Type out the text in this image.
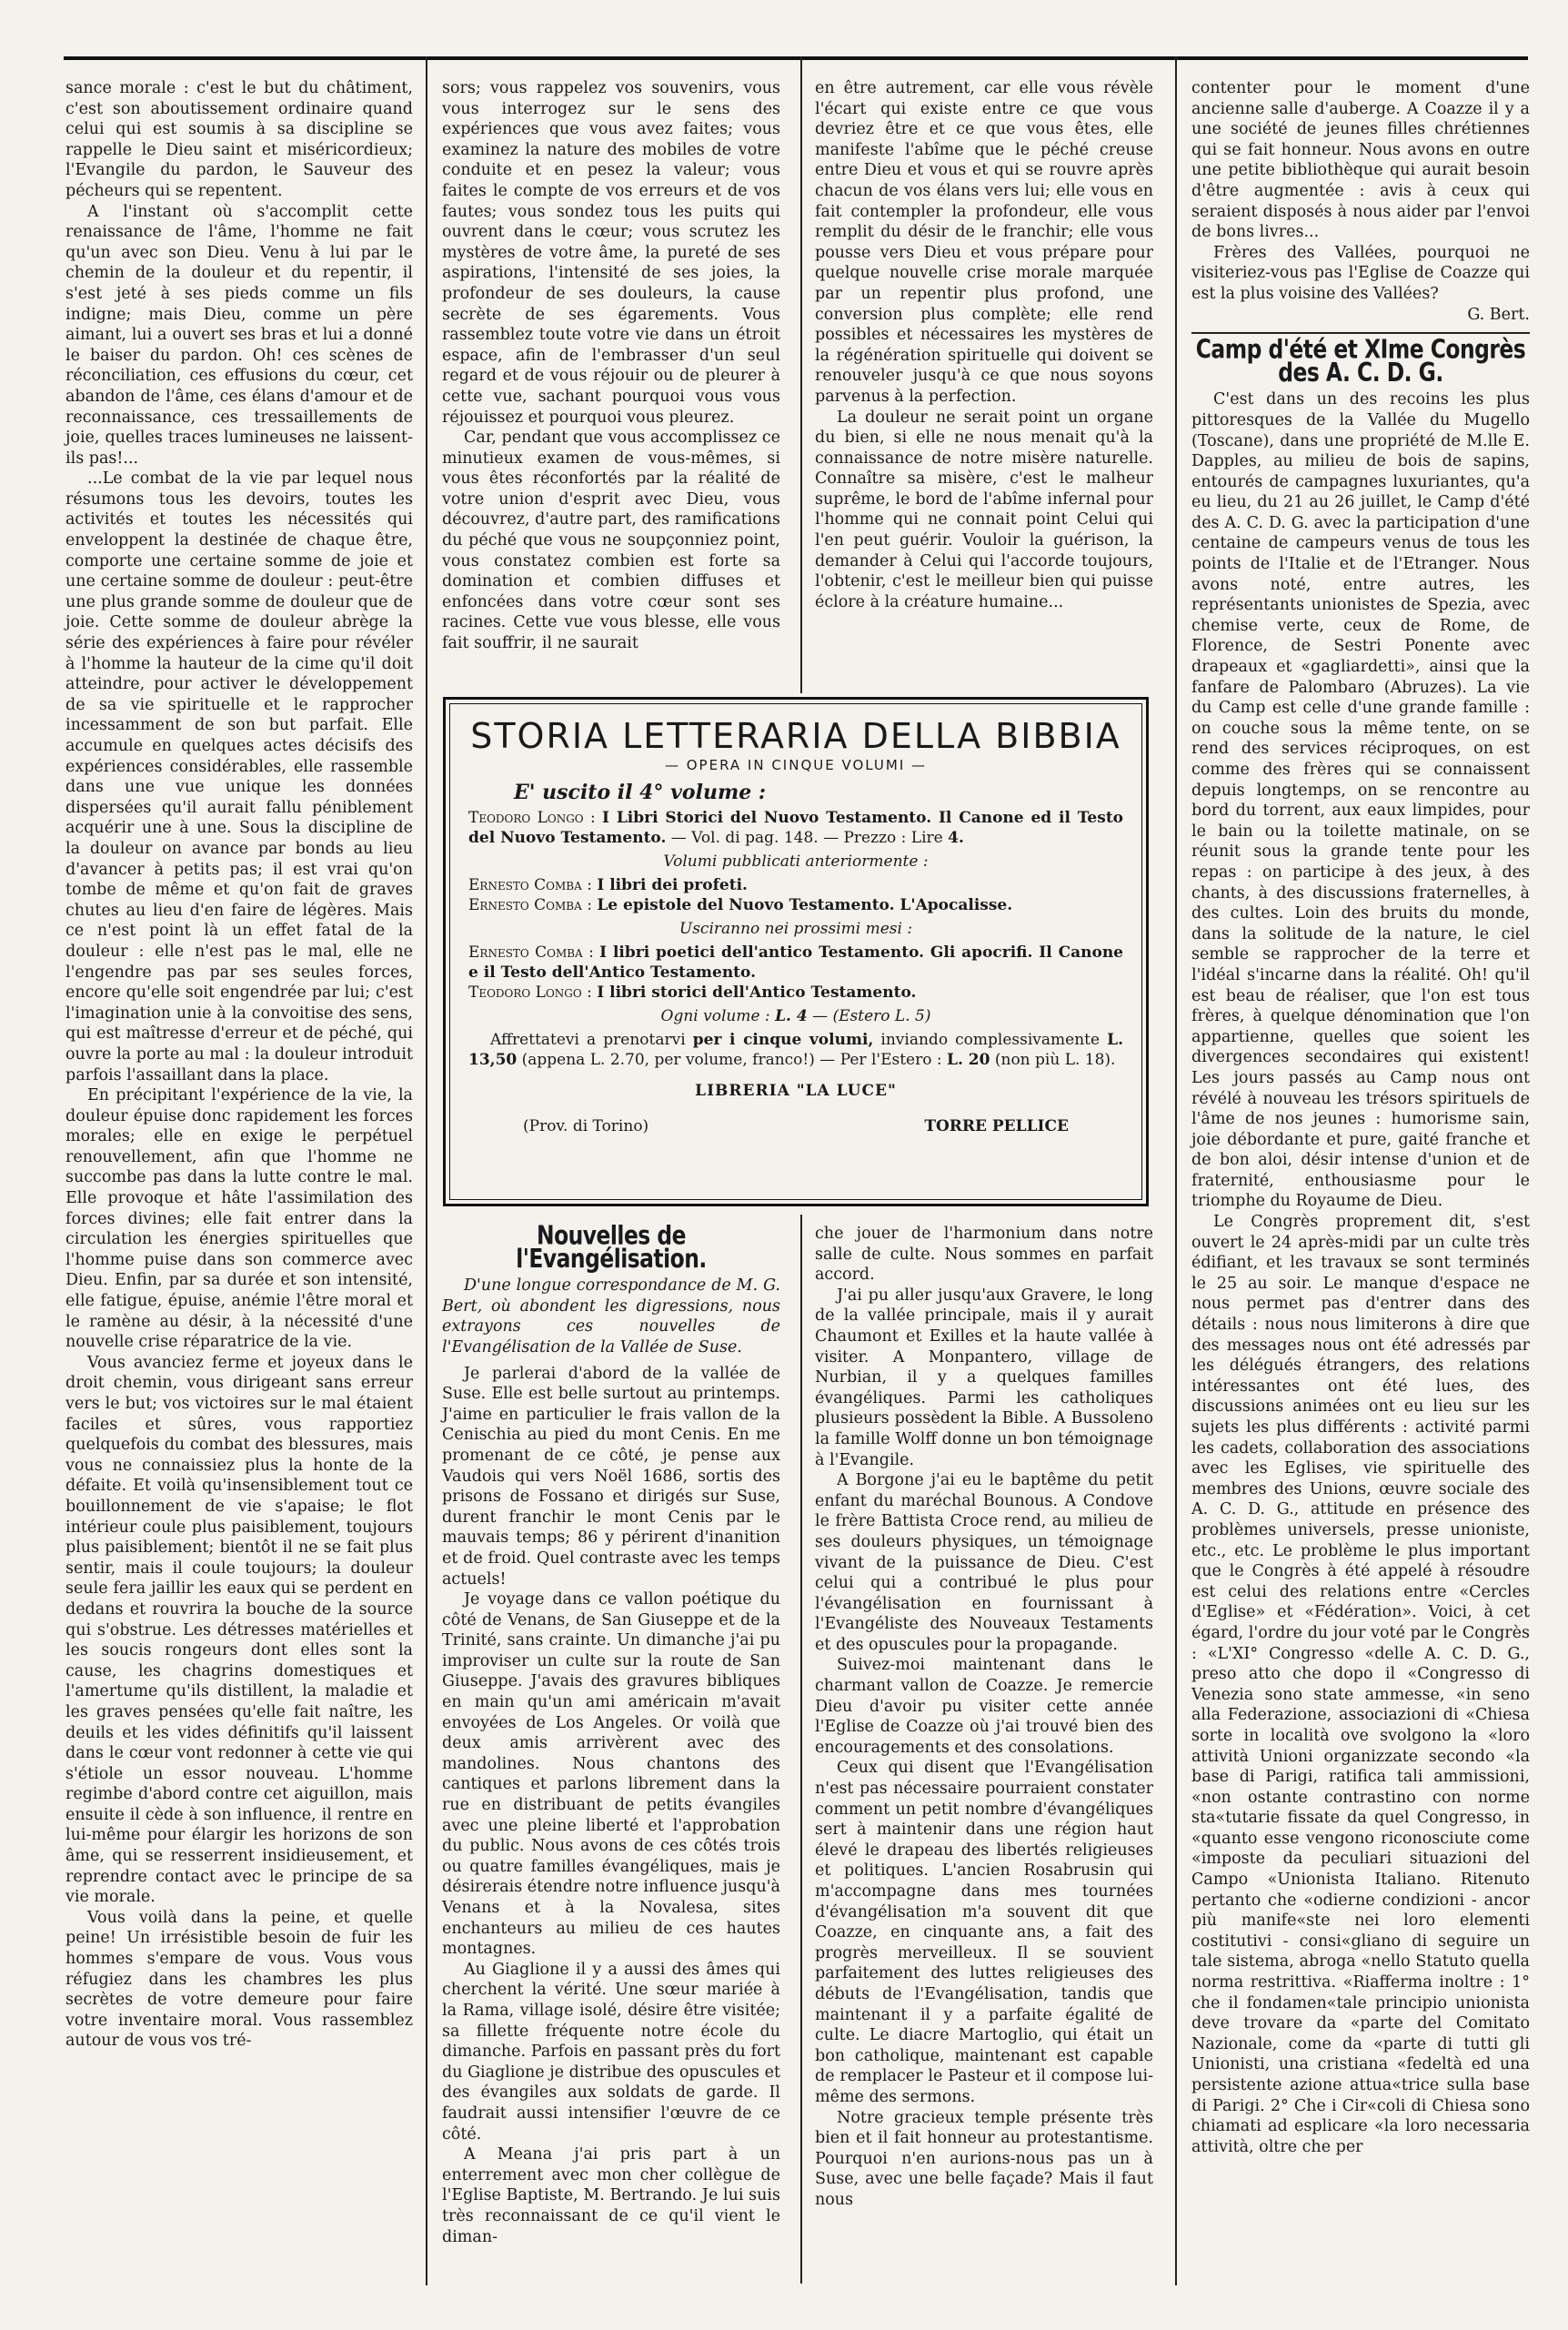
sance morale : c'est le but du châtiment, c'est son aboutissement ordinaire quand celui qui est soumis à sa discipline se rappelle le Dieu saint et miséricordieux; l'Evangile du pardon, le Sauveur des pécheurs qui se repentent.

A l'instant où s'accomplit cette renaissance de l'âme, l'homme ne fait qu'un avec son Dieu. Venu à lui par le chemin de la douleur et du repentir, il s'est jeté à ses pieds comme un fils indigne; mais Dieu, comme un père aimant, lui a ouvert ses bras et lui a donné le baiser du pardon. Oh! ces scènes de réconciliation, ces effusions du cœur, cet abandon de l'âme, ces élans d'amour et de reconnaissance, ces tressaillements de joie, quelles traces lumineuses ne laissent-ils pas!...

...Le combat de la vie par lequel nous résumons tous les devoirs, toutes les activités et toutes les nécessités qui enveloppent la destinée de chaque être, comporte une certaine somme de joie et une certaine somme de douleur : peut-être une plus grande somme de douleur que de joie. Cette somme de douleur abrège la série des expériences à faire pour révéler à l'homme la hauteur de la cime qu'il doit atteindre, pour activer le développement de sa vie spirituelle et le rapprocher incessamment de son but parfait. Elle accumule en quelques actes décisifs des expériences considérables, elle rassemble dans une vue unique les données dispersées qu'il aurait fallu péniblement acquérir une à une. Sous la discipline de la douleur on avance par bonds au lieu d'avancer à petits pas; il est vrai qu'on tombe de même et qu'on fait de graves chutes au lieu d'en faire de légères. Mais ce n'est point là un effet fatal de la douleur : elle n'est pas le mal, elle ne l'engendre pas par ses seules forces, encore qu'elle soit engendrée par lui; c'est l'imagination unie à la convoitise des sens, qui est maîtresse d'erreur et de péché, qui ouvre la porte au mal : la douleur introduit parfois l'assaillant dans la place.

En précipitant l'expérience de la vie, la douleur épuise donc rapidement les forces morales; elle en exige le perpétuel renouvellement, afin que l'homme ne succombe pas dans la lutte contre le mal. Elle provoque et hâte l'assimilation des forces divines; elle fait entrer dans la circulation les énergies spirituelles que l'homme puise dans son commerce avec Dieu. Enfin, par sa durée et son intensité, elle fatigue, épuise, anémie l'être moral et le ramène au désir, à la nécessité d'une nouvelle crise réparatrice de la vie.

Vous avanciez ferme et joyeux dans le droit chemin, vous dirigeant sans erreur vers le but; vos victoires sur le mal étaient faciles et sûres, vous rapportiez quelquefois du combat des blessures, mais vous ne connaissiez plus la honte de la défaite. Et voilà qu'insensiblement tout ce bouillonnement de vie s'apaise; le flot intérieur coule plus paisiblement, toujours plus paisiblement; bientôt il ne se fait plus sentir, mais il coule toujours; la douleur seule fera jaillir les eaux qui se perdent en dedans et rouvrira la bouche de la source qui s'obstrue. Les détresses matérielles et les soucis rongeurs dont elles sont la cause, les chagrins domestiques et l'amertume qu'ils distillent, la maladie et les graves pensées qu'elle fait naître, les deuils et les vides définitifs qu'il laissent dans le cœur vont redonner à cette vie qui s'étiole un essor nouveau. L'homme regimbe d'abord contre cet aiguillon, mais ensuite il cède à son influence, il rentre en lui-même pour élargir les horizons de son âme, qui se resserrent insidieusement, et reprendre contact avec le principe de sa vie morale.

Vous voilà dans la peine, et quelle peine! Un irrésistible besoin de fuir les hommes s'empare de vous. Vous vous réfugiez dans les chambres les plus secrètes de votre demeure pour faire votre inventaire moral. Vous rassemblez autour de vous vos tré-

sors; vous rappelez vos souvenirs, vous vous interrogez sur le sens des expériences que vous avez faites; vous examinez la nature des mobiles de votre conduite et en pesez la valeur; vous faites le compte de vos erreurs et de vos fautes; vous sondez tous les puits qui ouvrent dans le cœur; vous scrutez les mystères de votre âme, la pureté de ses aspirations, l'intensité de ses joies, la profondeur de ses douleurs, la cause secrète de ses égarements. Vous rassemblez toute votre vie dans un étroit espace, afin de l'embrasser d'un seul regard et de vous réjouir ou de pleurer à cette vue, sachant pourquoi vous vous réjouissez et pourquoi vous pleurez.

Car, pendant que vous accomplissez ce minutieux examen de vous-mêmes, si vous êtes réconfortés par la réalité de votre union d'esprit avec Dieu, vous découvrez, d'autre part, des ramifications du péché que vous ne soupçonniez point, vous constatez combien est forte sa domination et combien diffuses et enfoncées dans votre cœur sont ses racines. Cette vue vous blesse, elle vous fait souffrir, il ne saurait

en être autrement, car elle vous révèle l'écart qui existe entre ce que vous devriez être et ce que vous êtes, elle manifeste l'abîme que le péché creuse entre Dieu et vous et qui se rouvre après chacun de vos élans vers lui; elle vous en fait contempler la profondeur, elle vous remplit du désir de le franchir; elle vous pousse vers Dieu et vous prépare pour quelque nouvelle crise morale marquée par un repentir plus profond, une conversion plus complète; elle rend possibles et nécessaires les mystères de la régénération spirituelle qui doivent se renouveler jusqu'à ce que nous soyons parvenus à la perfection.

La douleur ne serait point un organe du bien, si elle ne nous menait qu'à la connaissance de notre misère naturelle. Connaître sa misère, c'est le malheur suprême, le bord de l'abîme infernal pour l'homme qui ne connait point Celui qui l'en peut guérir. Vouloir la guérison, la demander à Celui qui l'accorde toujours, l'obtenir, c'est le meilleur bien qui puisse éclore à la créature humaine...

STORIA LETTERARIA DELLA BIBBIA

— OPERA IN CINQUE VOLUMI —

E' uscito il 4° volume :

Teodoro Longo : I Libri Storici del Nuovo Testamento. Il Canone ed il Testo del Nuovo Testamento. — Vol. di pag. 148. — Prezzo : Lire 4.

Volumi pubblicati anteriormente :

Ernesto Comba : I libri dei profeti.

Ernesto Comba : Le epistole del Nuovo Testamento. L'Apocalisse.

Usciranno nei prossimi mesi :

Ernesto Comba : I libri poetici dell'antico Testamento. Gli apocrifi. Il Canone e il Testo dell'Antico Testamento.

Teodoro Longo : I libri storici dell'Antico Testamento.

Ogni volume : L. 4 — (Estero L. 5)

Affrettatevi a prenotarvi per i cinque volumi, inviando complessivamente L. 13,50 (appena L. 2.70, per volume, franco!) — Per l'Estero : L. 20 (non più L. 18).

LIBRERIA "LA LUCE"

(Prov. di Torino)	TORRE PELLICE
Nouvelles de l'Evangélisation.

D'une longue correspondance de M. G. Bert, où abondent les digressions, nous extrayons ces nouvelles de l'Evangélisation de la Vallée de Suse.

Je parlerai d'abord de la vallée de Suse. Elle est belle surtout au printemps. J'aime en particulier le frais vallon de la Cenischia au pied du mont Cenis. En me promenant de ce côté, je pense aux Vaudois qui vers Noël 1686, sortis des prisons de Fossano et dirigés sur Suse, durent franchir le mont Cenis par le mauvais temps; 86 y périrent d'inanition et de froid. Quel contraste avec les temps actuels!

Je voyage dans ce vallon poétique du côté de Venans, de San Giuseppe et de la Trinité, sans crainte. Un dimanche j'ai pu improviser un culte sur la route de San Giuseppe. J'avais des gravures bibliques en main qu'un ami américain m'avait envoyées de Los Angeles. Or voilà que deux amis arrivèrent avec des mandolines. Nous chantons des cantiques et parlons librement dans la rue en distribuant de petits évangiles avec une pleine liberté et l'approbation du public. Nous avons de ces côtés trois ou quatre familles évangéliques, mais je désirerais étendre notre influence jusqu'à Venans et à la Novalesa, sites enchanteurs au milieu de ces hautes montagnes.

Au Giaglione il y a aussi des âmes qui cherchent la vérité. Une sœur mariée à la Rama, village isolé, désire être visitée; sa fillette fréquente notre école du dimanche. Parfois en passant près du fort du Giaglione je distribue des opuscules et des évangiles aux soldats de garde. Il faudrait aussi intensifier l'œuvre de ce côté.

A Meana j'ai pris part à un enterrement avec mon cher collègue de l'Eglise Baptiste, M. Bertrando. Je lui suis très reconnaissant de ce qu'il vient le diman-

che jouer de l'harmonium dans notre salle de culte. Nous sommes en parfait accord.

J'ai pu aller jusqu'aux Gravere, le long de la vallée principale, mais il y aurait Chaumont et Exilles et la haute vallée à visiter. A Monpantero, village de Nurbian, il y a quelques familles évangéliques. Parmi les catholiques plusieurs possèdent la Bible. A Bussoleno la famille Wolff donne un bon témoignage à l'Evangile.

A Borgone j'ai eu le baptême du petit enfant du maréchal Bounous. A Condove le frère Battista Croce rend, au milieu de ses douleurs physiques, un témoignage vivant de la puissance de Dieu. C'est celui qui a contribué le plus pour l'évangélisation en fournissant à l'Evangéliste des Nouveaux Testaments et des opuscules pour la propagande.

Suivez-moi maintenant dans le charmant vallon de Coazze. Je remercie Dieu d'avoir pu visiter cette année l'Eglise de Coazze où j'ai trouvé bien des encouragements et des consolations.

Ceux qui disent que l'Evangélisation n'est pas nécessaire pourraient constater comment un petit nombre d'évangéliques sert à maintenir dans une région haut élevé le drapeau des libertés religieuses et politiques. L'ancien Rosabrusin qui m'accompagne dans mes tournées d'évangélisation m'a souvent dit que Coazze, en cinquante ans, a fait des progrès merveilleux. Il se souvient parfaitement des luttes religieuses des débuts de l'Evangélisation, tandis que maintenant il y a parfaite égalité de culte. Le diacre Martoglio, qui était un bon catholique, maintenant est capable de remplacer le Pasteur et il compose lui-même des sermons.

Notre gracieux temple présente très bien et il fait honneur au protestantisme. Pourquoi n'en aurions-nous pas un à Suse, avec une belle façade? Mais il faut nous

contenter pour le moment d'une ancienne salle d'auberge. A Coazze il y a une société de jeunes filles chrétiennes qui se fait honneur. Nous avons en outre une petite bibliothèque qui aurait besoin d'être augmentée : avis à ceux qui seraient disposés à nous aider par l'envoi de bons livres...

Frères des Vallées, pourquoi ne visiteriez-vous pas l'Eglise de Coazze qui est la plus voisine des Vallées?

G. Bert.
Camp d'été et XIme Congrès des A. C. D. G.

C'est dans un des recoins les plus pittoresques de la Vallée du Mugello (Toscane), dans une propriété de M.lle E. Dapples, au milieu de bois de sapins, entourés de campagnes luxuriantes, qu'a eu lieu, du 21 au 26 juillet, le Camp d'été des A. C. D. G. avec la participation d'une centaine de campeurs venus de tous les points de l'Italie et de l'Etranger. Nous avons noté, entre autres, les représentants unionistes de Spezia, avec chemise verte, ceux de Rome, de Florence, de Sestri Ponente avec drapeaux et «gagliardetti», ainsi que la fanfare de Palombaro (Abruzes). La vie du Camp est celle d'une grande famille : on couche sous la même tente, on se rend des services réciproques, on est comme des frères qui se connaissent depuis longtemps, on se rencontre au bord du torrent, aux eaux limpides, pour le bain ou la toilette matinale, on se réunit sous la grande tente pour les repas : on participe à des jeux, à des chants, à des discussions fraternelles, à des cultes. Loin des bruits du monde, dans la solitude de la nature, le ciel semble se rapprocher de la terre et l'idéal s'incarne dans la réalité. Oh! qu'il est beau de réaliser, que l'on est tous frères, à quelque dénomination que l'on appartienne, quelles que soient les divergences secondaires qui existent! Les jours passés au Camp nous ont révélé à nouveau les trésors spirituels de l'âme de nos jeunes : humorisme sain, joie débordante et pure, gaité franche et de bon aloi, désir intense d'union et de fraternité, enthousiasme pour le triomphe du Royaume de Dieu.

Le Congrès proprement dit, s'est ouvert le 24 après-midi par un culte très édifiant, et les travaux se sont terminés le 25 au soir. Le manque d'espace ne nous permet pas d'entrer dans des détails : nous nous limiterons à dire que des messages nous ont été adressés par les délégués étrangers, des relations intéressantes ont été lues, des discussions animées ont eu lieu sur les sujets les plus différents : activité parmi les cadets, collaboration des associations avec les Eglises, vie spirituelle des membres des Unions, œuvre sociale des A. C. D. G., attitude en présence des problèmes universels, presse unioniste, etc., etc. Le problème le plus important que le Congrès à été appelé à résoudre est celui des relations entre «Cercles d'Eglise» et «Fédération». Voici, à cet égard, l'ordre du jour voté par le Congrès : «L'XI° Congresso «delle A. C. D. G., preso atto che dopo il «Congresso di Venezia sono state ammesse, «in seno alla Federazione, associazioni di «Chiesa sorte in località ove svolgono la «loro attività Unioni organizzate secondo «la base di Parigi, ratifica tali ammissioni, «non ostante contrastino con norme sta«tutarie fissate da quel Congresso, in «quanto esse vengono riconosciute come «imposte da peculiari situazioni del Campo «Unionista Italiano. Ritenuto pertanto che «odierne condizioni - ancor più manife«ste nei loro elementi costitutivi - consi«gliano di seguire un tale sistema, abroga «nello Statuto quella norma restrittiva. «Riafferma inoltre : 1° che il fondamen«tale principio unionista deve trovare da «parte del Comitato Nazionale, come da «parte di tutti gli Unionisti, una cristiana «fedeltà ed una persistente azione attua«trice sulla base di Parigi. 2° Che i Cir«coli di Chiesa sono chiamati ad esplicare «la loro necessaria attività, oltre che per
